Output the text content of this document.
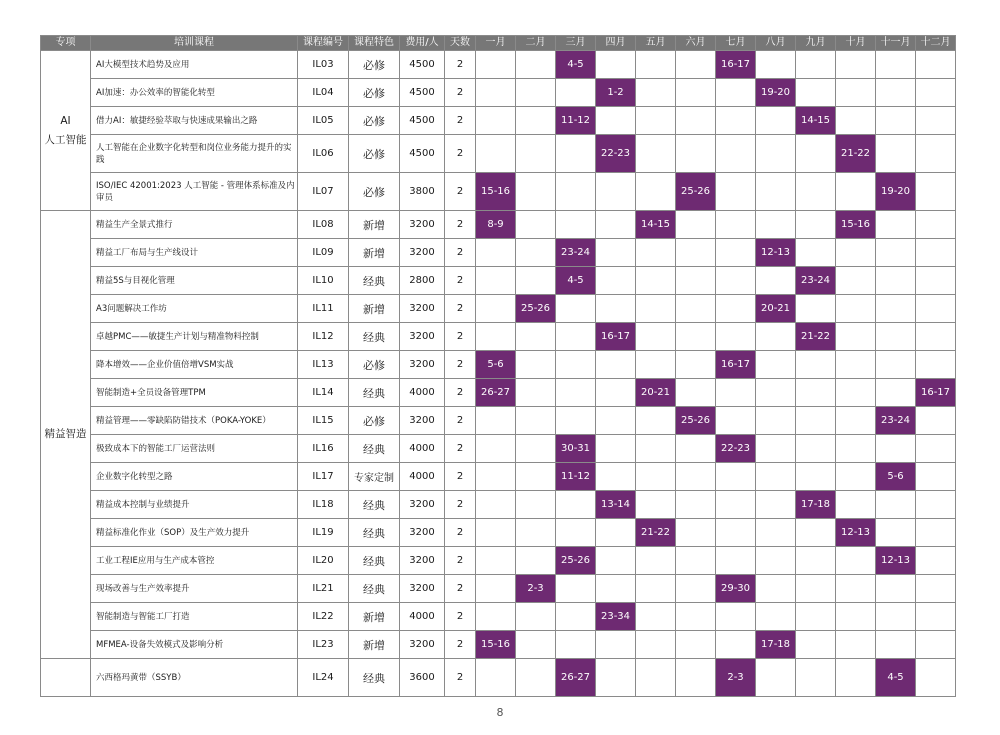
专项	培训课程	课程编号	课程特色	费用/人	天数	一月	二月	三月	四月	五月	六月	七月	八月	九月	十月	十一月	十二月

AI
人工智能	AI大模型技术趋势及应用	IL03	必修	4500	2			4-5				16-17					
	AI加速：办公效率的智能化转型	IL04	必修	4500	2				1-2				19-20				
	借力AI：敏捷经验萃取与快速成果输出之路	IL05	必修	4500	2			11-12						14-15			
	人工智能在企业数字化转型和岗位业务能力提升的实践	IL06	必修	4500	2				22-23						21-22		
	ISO/IEC 42001:2023 人工智能 - 管理体系标准及内审员	IL07	必修	3800	2	15-16					25-26					19-20	

精益智造	精益生产全景式推行	IL08	新增	3200	2	8-9				14-15					15-16		
	精益工厂布局与生产线设计	IL09	新增	3200	2			23-24					12-13				
	精益5S与目视化管理	IL10	经典	2800	2			4-5						23-24			
	A3问题解决工作坊	IL11	新增	3200	2		25-26						20-21				
	卓越PMC——敏捷生产计划与精准物料控制	IL12	经典	3200	2				16-17					21-22			
	降本增效——企业价值倍增VSM实战	IL13	必修	3200	2	5-6						16-17					
	智能制造+全员设备管理TPM	IL14	经典	4000	2	26-27				20-21							16-17
	精益管理——零缺陷防错技术（POKA-YOKE）	IL15	必修	3200	2						25-26					23-24	
	极致成本下的智能工厂运营法则	IL16	经典	4000	2			30-31				22-23					
	企业数字化转型之路	IL17	专家定制	4000	2			11-12								5-6	
	精益成本控制与业绩提升	IL18	经典	3200	2				13-14					17-18			
	精益标准化作业（SOP）及生产效力提升	IL19	经典	3200	2					21-22					12-13		
	工业工程IE应用与生产成本管控	IL20	经典	3200	2			25-26								12-13	
	现场改善与生产效率提升	IL21	经典	3200	2		2-3					29-30					
	智能制造与智能工厂打造	IL22	新增	4000	2				23-34								
	MFMEA-设备失效模式及影响分析	IL23	新增	3200	2	15-16							17-18				
	六西格玛黄带（SSYB）	IL24	经典	3600	2			26-27				2-3				4-5	
8
